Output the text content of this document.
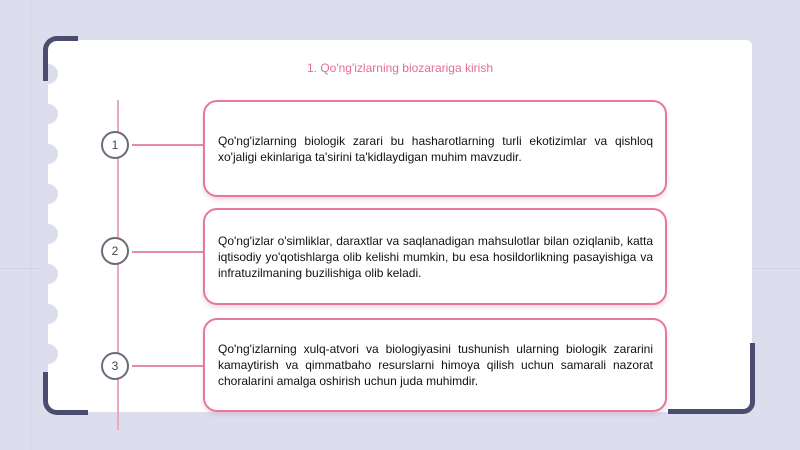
1. Qo'ng'izlarning biozarariga kirish
1	Qo'ng'izlarning biologik zarari bu hasharotlarning turli ekotizimlar va qishloq xo'jaligi ekinlariga ta'sirini ta'kidlaydigan muhim mavzudir.

2

Qo'ng'izlar o'simliklar, daraxtlar va saqlanadigan mahsulotlar bilan oziqlanib, katta iqtisodiy yo'qotishlarga olib kelishi mumkin, bu esa hosildorlikning pasayishiga va infratuzilmaning buzilishiga olib keladi.

3

Qo'ng'izlarning xulq-atvori va biologiyasini tushunish ularning biologik zararini kamaytirish va qimmatbaho resurslarni himoya qilish uchun samarali nazorat choralarini amalga oshirish uchun juda muhimdir.
